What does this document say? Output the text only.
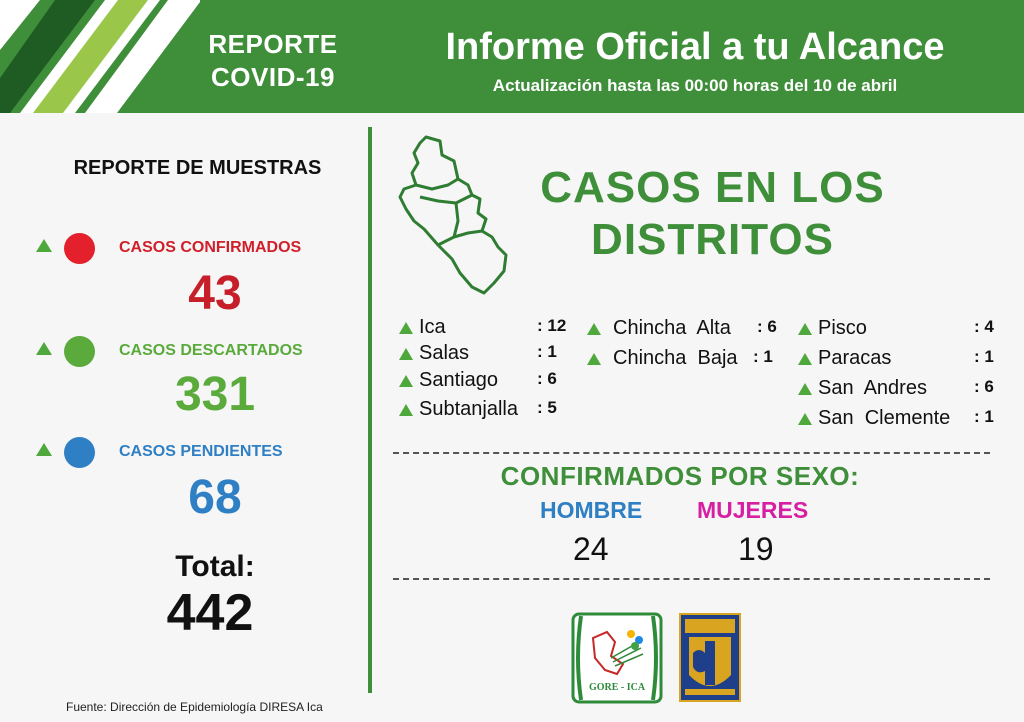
REPORTE
COVID-19
Informe Oficial a tu Alcance
Actualización hasta las 00:00 horas del 10 de abril
REPORTE DE MUESTRAS
CASOS CONFIRMADOS
43
CASOS DESCARTADOS
331
CASOS PENDIENTES
68
Total:
442
Fuente: Dirección de Epidemiología DIRESA Ica
CASOS EN LOS
DISTRITOS
Ica	: 12
Salas	: 1
Santiago : 6
Subtanjalla : 5
Chincha  Alta : 6
Chincha  Baja : 1
Pisco	: 4
Paracas	: 1
San  Andres	: 6
San  Clemente : 1
CONFIRMADOS POR SEXO:
HOMBRE MUJERES
24	19
GORE - ICA
